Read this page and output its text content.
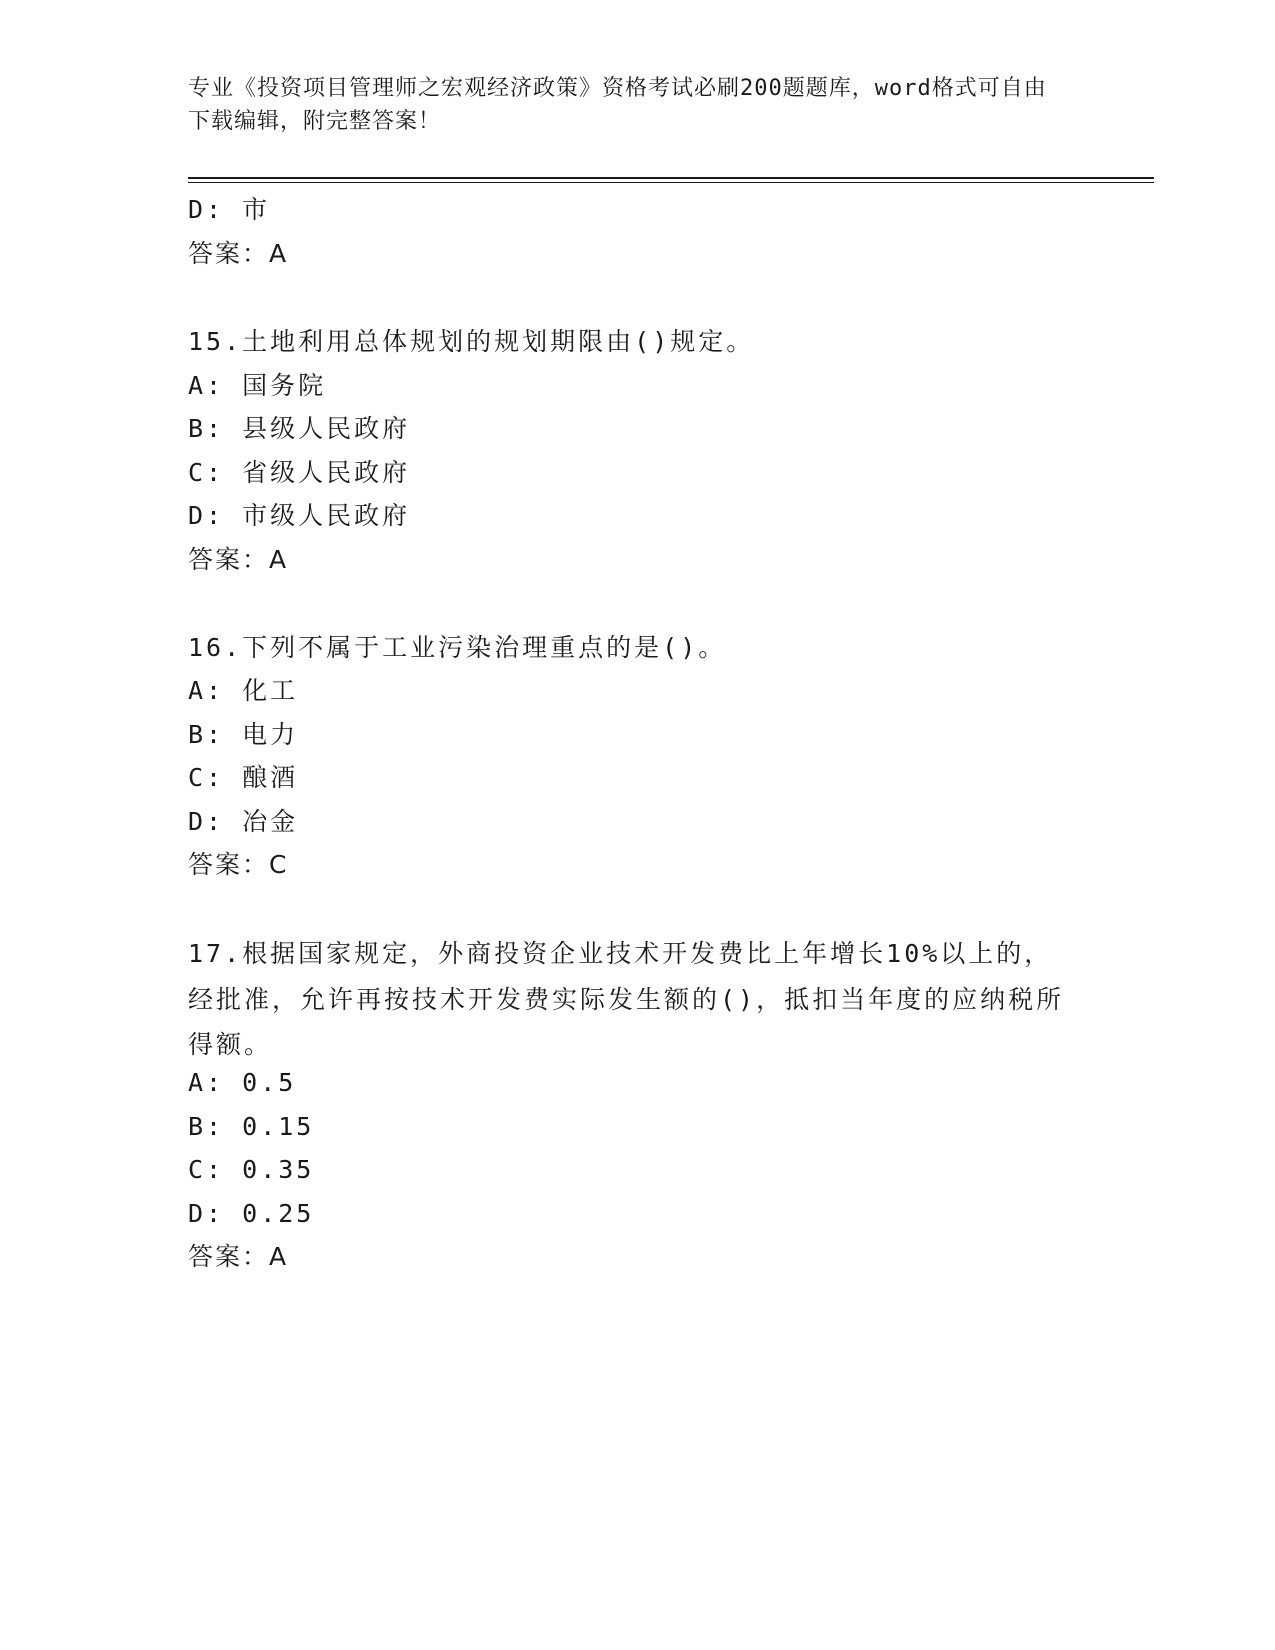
专业《投资项目管理师之宏观经济政策》资格考试必刷200题题库，word格式可自由下载编辑，附完整答案！
D: 市
答案：A
15.土地利用总体规划的规划期限由()规定。
A: 国务院
B: 县级人民政府
C: 省级人民政府
D: 市级人民政府
答案：A
16.下列不属于工业污染治理重点的是()。
A: 化工
B: 电力
C: 酿酒
D: 冶金
答案：C
17.根据国家规定，外商投资企业技术开发费比上年增长10%以上的，经批准，允许再按技术开发费实际发生额的()，抵扣当年度的应纳税所得额。
A: 0.5
B: 0.15
C: 0.35
D: 0.25
答案：A
